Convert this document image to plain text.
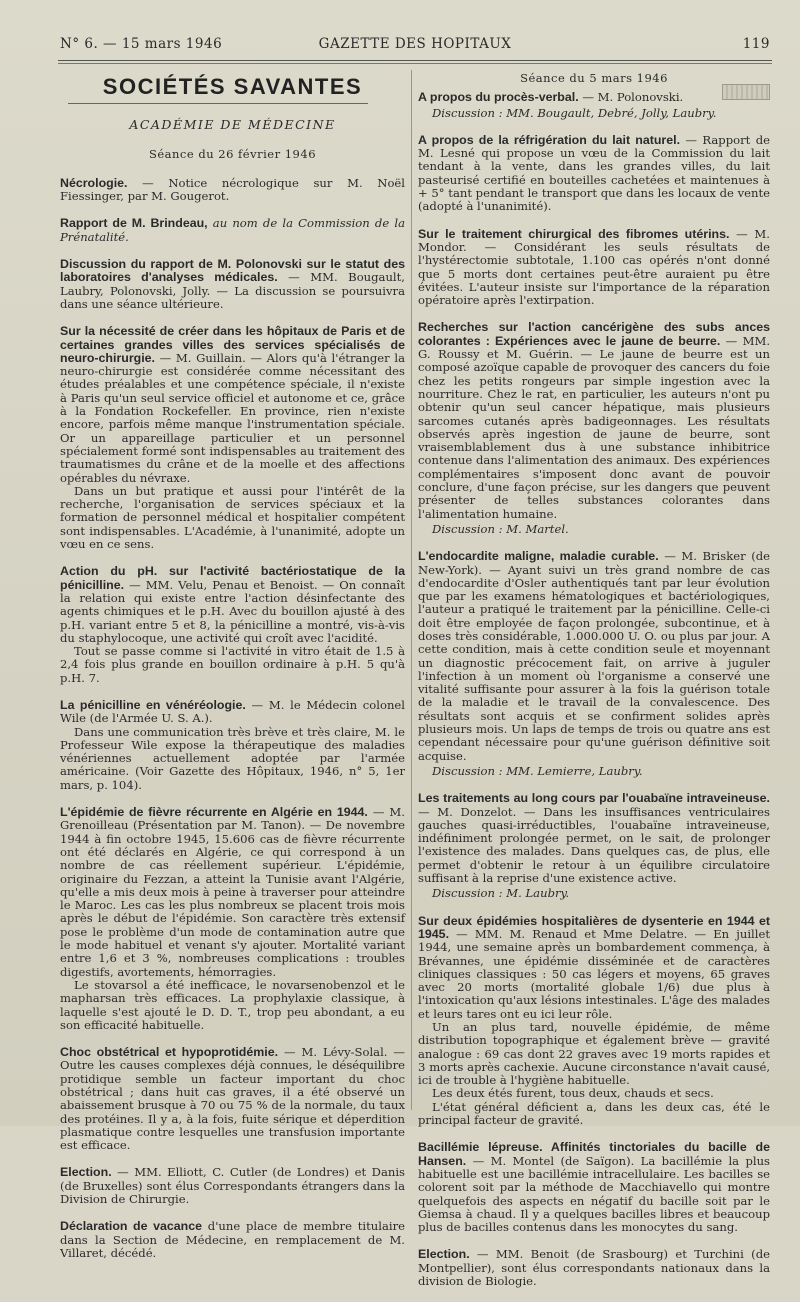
N° 6. — 15 mars 1946	GAZETTE DES HOPITAUX	119
SOCIÉTÉS SAVANTES
ACADÉMIE DE MÉDECINE
Séance du 26 février 1946

Nécrologie. — Notice nécrologique sur M. Noël Fiessinger, par M. Gougerot.

Rapport de M. Brindeau, au nom de la Commission de la Prénatalité.

Discussion du rapport de M. Polonovski sur le statut des laboratoires d'analyses médicales. — MM. Bougault, Laubry, Polonovski, Jolly. — La discussion se poursuivra dans une séance ultérieure.

Sur la nécessité de créer dans les hôpitaux de Paris et de certaines grandes villes des services spécialisés de neuro-chirurgie. — M. Guillain. — Alors qu'à l'étranger la neuro-chirurgie est considérée comme nécessitant des études préalables et une compétence spéciale, il n'existe à Paris qu'un seul service officiel et autonome et ce, grâce à la Fondation Rockefeller. En province, rien n'existe encore, parfois même manque l'instrumentation spéciale. Or un appareillage particulier et un personnel spécialement formé sont indispensables au traitement des traumatismes du crâne et de la moelle et des affections opérables du névraxe.

Dans un but pratique et aussi pour l'intérêt de la recherche, l'organisation de services spéciaux et la formation de personnel médical et hospitalier compétent sont indispensables. L'Académie, à l'unanimité, adopte un vœu en ce sens.

Action du pH. sur l'activité bactériostatique de la pénicilline. — MM. Velu, Penau et Benoist. — On connaît la relation qui existe entre l'action désinfectante des agents chimiques et le p.H. Avec du bouillon ajusté à des p.H. variant entre 5 et 8, la pénicilline a montré, vis-à-vis du staphylocoque, une activité qui croît avec l'acidité.

Tout se passe comme si l'activité in vitro était de 1.5 à 2,4 fois plus grande en bouillon ordinaire à p.H. 5 qu'à p.H. 7.

La pénicilline en vénéréologie. — M. le Médecin colonel Wile (de l'Armée U. S. A.).

Dans une communication très brève et très claire, M. le Professeur Wile expose la thérapeutique des maladies vénériennes actuellement adoptée par l'armée américaine. (Voir Gazette des Hôpitaux, 1946, n° 5, 1er mars, p. 104).

L'épidémie de fièvre récurrente en Algérie en 1944. — M. Grenoilleau (Présentation par M. Tanon). — De novembre 1944 à fin octobre 1945, 15.606 cas de fièvre récurrente ont été déclarés en Algérie, ce qui correspond à un nombre de cas réellement supérieur. L'épidémie, originaire du Fezzan, a atteint la Tunisie avant l'Algérie, qu'elle a mis deux mois à peine à traverser pour atteindre le Maroc. Les cas les plus nombreux se placent trois mois après le début de l'épidémie. Son caractère très extensif pose le problème d'un mode de contamination autre que le mode habituel et venant s'y ajouter. Mortalité variant entre 1,6 et 3 %, nombreuses complications : troubles digestifs, avortements, hémorragies.

Le stovarsol a été inefficace, le novarsenobenzol et le mapharsan très efficaces. La prophylaxie classique, à laquelle s'est ajouté le D. D. T., trop peu abondant, a eu son efficacité habituelle.

Choc obstétrical et hypoprotidémie. — M. Lévy-Solal. — Outre les causes complexes déjà connues, le déséquilibre protidique semble un facteur important du choc obstétrical ; dans huit cas graves, il a été observé un abaissement brusque à 70 ou 75 % de la normale, du taux des protéines. Il y a, à la fois, fuite sérique et déperdition plasmatique contre lesquelles une transfusion importante est efficace.

Election. — MM. Elliott, C. Cutler (de Londres) et Danis (de Bruxelles) sont élus Correspondants étrangers dans la Division de Chirurgie.

Déclaration de vacance d'une place de membre titulaire dans la Section de Médecine, en remplacement de M. Villaret, décédé.

Séance du 5 mars 1946

A propos du procès-verbal. — M. Polonovski.

Discussion : MM. Bougault, Debré, Jolly, Laubry.

A propos de la réfrigération du lait naturel. — Rapport de M. Lesné qui propose un vœu de la Commission du lait tendant à la vente, dans les grandes villes, du lait pasteurisé certifié en bouteilles cachetées et maintenues à + 5° tant pendant le transport que dans les locaux de vente (adopté à l'unanimité).

Sur le traitement chirurgical des fibromes utérins. — M. Mondor. — Considérant les seuls résultats de l'hystérectomie subtotale, 1.100 cas opérés n'ont donné que 5 morts dont certaines peut-être auraient pu être évitées. L'auteur insiste sur l'importance de la réparation opératoire après l'extirpation.

Recherches sur l'action cancérigène des subs ances colorantes : Expériences avec le jaune de beurre. — MM. G. Roussy et M. Guérin. — Le jaune de beurre est un composé azoïque capable de provoquer des cancers du foie chez les petits rongeurs par simple ingestion avec la nourriture. Chez le rat, en particulier, les auteurs n'ont pu obtenir qu'un seul cancer hépatique, mais plusieurs sarcomes cutanés après badigeonnages. Les résultats observés après ingestion de jaune de beurre, sont vraisemblablement dus à une substance inhibitrice contenue dans l'alimentation des animaux. Des expériences complémentaires s'imposent donc avant de pouvoir conclure, d'une façon précise, sur les dangers que peuvent présenter de telles substances colorantes dans l'alimentation humaine.

Discussion : M. Martel.

L'endocardite maligne, maladie curable. — M. Brisker (de New-York). — Ayant suivi un très grand nombre de cas d'endocardite d'Osler authentiqués tant par leur évolution que par les examens hématologiques et bactériologiques, l'auteur a pratiqué le traitement par la pénicilline. Celle-ci doit être employée de façon prolongée, subcontinue, et à doses très considérable, 1.000.000 U. O. ou plus par jour. A cette condition, mais à cette condition seule et moyennant un diagnostic précocement fait, on arrive à juguler l'infection à un moment où l'organisme a conservé une vitalité suffisante pour assurer à la fois la guérison totale de la maladie et le travail de la convalescence. Des résultats sont acquis et se confirment solides après plusieurs mois. Un laps de temps de trois ou quatre ans est cependant nécessaire pour qu'une guérison définitive soit acquise.

Discussion : MM. Lemierre, Laubry.

Les traitements au long cours par l'ouabaïne intraveineuse. — M. Donzelot. — Dans les insuffisances ventriculaires gauches quasi-irréductibles, l'ouabaïne intraveineuse, indéfiniment prolongée permet, on le sait, de prolonger l'existence des malades. Dans quelques cas, de plus, elle permet d'obtenir le retour à un équilibre circulatoire suffisant à la reprise d'une existence active.

Discussion : M. Laubry.

Sur deux épidémies hospitalières de dysenterie en 1944 et 1945. — MM. M. Renaud et Mme Delatre. — En juillet 1944, une semaine après un bombardement commença, à Brévannes, une épidémie disséminée et de caractères cliniques classiques : 50 cas légers et moyens, 65 graves avec 20 morts (mortalité globale 1/6) due plus à l'intoxication qu'aux lésions intestinales. L'âge des malades et leurs tares ont eu ici leur rôle.

Un an plus tard, nouvelle épidémie, de même distribution topographique et également brève — gravité analogue : 69 cas dont 22 graves avec 19 morts rapides et 3 morts après cachexie. Aucune circonstance n'avait causé, ici de trouble à l'hygiène habituelle.

Les deux étés furent, tous deux, chauds et secs.

L'état général déficient a, dans les deux cas, été le principal facteur de gravité.

Bacillémie lépreuse. Affinités tinctoriales du bacille de Hansen. — M. Montel (de Saïgon). La bacillémie la plus habituelle est une bacillémie intracellulaire. Les bacilles se colorent soit par la méthode de Macchiavello qui montre quelquefois des aspects en négatif du bacille soit par le Giemsa à chaud. Il y a quelques bacilles libres et beaucoup plus de bacilles contenus dans les monocytes du sang.

Election. — MM. Benoit (de Srasbourg) et Turchini (de Montpellier), sont élus correspondants nationaux dans la division de Biologie.
